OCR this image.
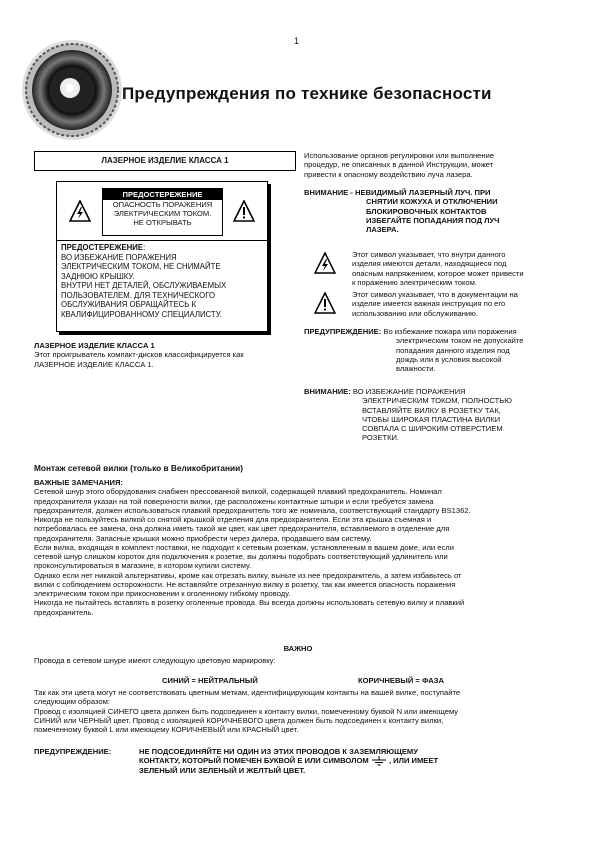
1
Предупреждения по технике безопасности
ЛАЗЕРНОЕ ИЗДЕЛИЕ КЛАССА 1
ПРЕДОСТЕРЕЖЕНИЕ
ОПАСНОСТЬ ПОРАЖЕНИЯ
ЭЛЕКТРИЧЕСКИМ ТОКОМ.
НЕ ОТКРЫВАТЬ
ПРЕДОСТЕРЕЖЕНИЕ:
ВО ИЗБЕЖАНИЕ ПОРАЖЕНИЯ
ЭЛЕКТРИЧЕСКИМ ТОКОМ, НЕ СНИМАЙТЕ
ЗАДНЮЮ КРЫШКУ.
ВНУТРИ НЕТ ДЕТАЛЕЙ, ОБСЛУЖИВАЕМЫХ
ПОЛЬЗОВАТЕЛЕМ. ДЛЯ ТЕХНИЧЕСКОГО
ОБСЛУЖИВАНИЯ ОБРАЩАЙТЕСЬ К
КВАЛИФИЦИРОВАННОМУ СПЕЦИАЛИСТУ.
ЛАЗЕРНОЕ ИЗДЕЛИЕ КЛАССА 1
Этот проигрыватель компакт-дисков классифицируется как
ЛАЗЕРНОЕ ИЗДЕЛИЕ КЛАССА 1.
Использование органов регулировки или выполнение
процедур, не описанных в данной Инструкции, может
привести к опасному воздействию луча лазера.
ВНИМАНИЕ - НЕВИДИМЫЙ ЛАЗЕРНЫЙ ЛУЧ. ПРИ
СНЯТИИ КОЖУХА И ОТКЛЮЧЕНИИ
БЛОКИРОВОЧНЫХ КОНТАКТОВ
ИЗБЕГАЙТЕ ПОПАДАНИЯ ПОД ЛУЧ
ЛАЗЕРА.
Этот символ указывает, что внутри данного
изделия имеются детали, находящиеся под
опасным напряжением, которое может привести
к поражению электрическим током.
Этот символ указывает, что в документации на
изделие имеется важная инструкция по его
использованию или обслуживанию.
ПРЕДУПРЕЖДЕНИЕ: Во избежание пожара или поражения
электрическим током не допускайте
попадания данного изделия под
дождь или в условия высокой
влажности.
ВНИМАНИЕ: ВО ИЗБЕЖАНИЕ ПОРАЖЕНИЯ
ЭЛЕКТРИЧЕСКИМ ТОКОМ, ПОЛНОСТЬЮ
ВСТАВЛЯЙТЕ ВИЛКУ В РОЗЕТКУ ТАК,
ЧТОБЫ ШИРОКАЯ ПЛАСТИНА ВИЛКИ
СОВПАЛА С ШИРОКИМ ОТВЕРСТИЕМ
РОЗЕТКИ.
Монтаж сетевой вилки (только в Великобритании)
ВАЖНЫЕ ЗАМЕЧАНИЯ:
Сетевой шнур этого оборудования снабжен прессованной вилкой, содержащей плавкий предохранитель. Номинал
предохранителя указан на той поверхности вилки, где расположены контактные штыри и если требуется замена
предохранителя, должен использоваться плавкий предохранитель того же номинала, соответствующий стандарту BS1362.
Никогда не пользуйтесь вилкой со снятой крышкой отделения для предохранителя. Если эта крышка съемная и
потребовалась ее замена, она должна иметь такой же цвет, как цвет предохранителя, вставляемого в отделение для
предохранителя. Запасные крышки можно приобрести через дилера, продавшего вам систему.
Если вилка, входящая в комплект поставки, не подходит к сетевым розеткам, установленным в вашем доме, или если
сетевой шнур слишком короток для подключения к розетке, вы должны подобрать соответствующий удлинитель или
проконсультироваться в магазине, в котором купили систему.
Однако если нет никакой альтернативы, кроме как отрезать вилку, выньте из нее предохранитель, а затем избавьтесь от
вилки с соблюдением осторожности. Не вставляйте отрезанную вилку в розетку, так как имеется опасность поражения
электрическим током при прикосновении к оголенному гибкому проводу.
Никогда не пытайтесь вставлять в розетку оголенные провода. Вы всегда должны использовать сетевую вилку и плавкий
предохранитель.
ВАЖНО
Провода в сетевом шнуре имеют следующую цветовую маркировку:
СИНИЙ = НЕЙТРАЛЬНЫЙ	КОРИЧНЕВЫЙ = ФАЗА
Так как эти цвета могут не соответствовать цветным меткам, идентифицирующим контакты на вашей вилке, поступайте
следующим образом:
Провод с изоляцией СИНЕГО цвета должен быть подсоединен к контакту вилки, помеченному буквой N или имеющему
СИНИЙ или ЧЕРНЫЙ цвет. Провод с изоляцией КОРИЧНЕВОГО цвета должен быть подсоединен к контакту вилки,
помеченному буквой L или имеющему КОРИЧНЕВЫЙ или КРАСНЫЙ цвет.
ПРЕДУПРЕЖДЕНИЕ:	НЕ ПОДСОЕДИНЯЙТЕ НИ ОДИН ИЗ ЭТИХ ПРОВОДОВ К ЗАЗЕМЛЯЮЩЕМУ
КОНТАКТУ, КОТОРЫЙ ПОМЕЧЕН БУКВОЙ Е ИЛИ СИМВОЛОМ	, ИЛИ ИМЕЕТ
ЗЕЛЕНЫЙ ИЛИ ЗЕЛЕНЫЙ И ЖЕЛТЫЙ ЦВЕТ.
